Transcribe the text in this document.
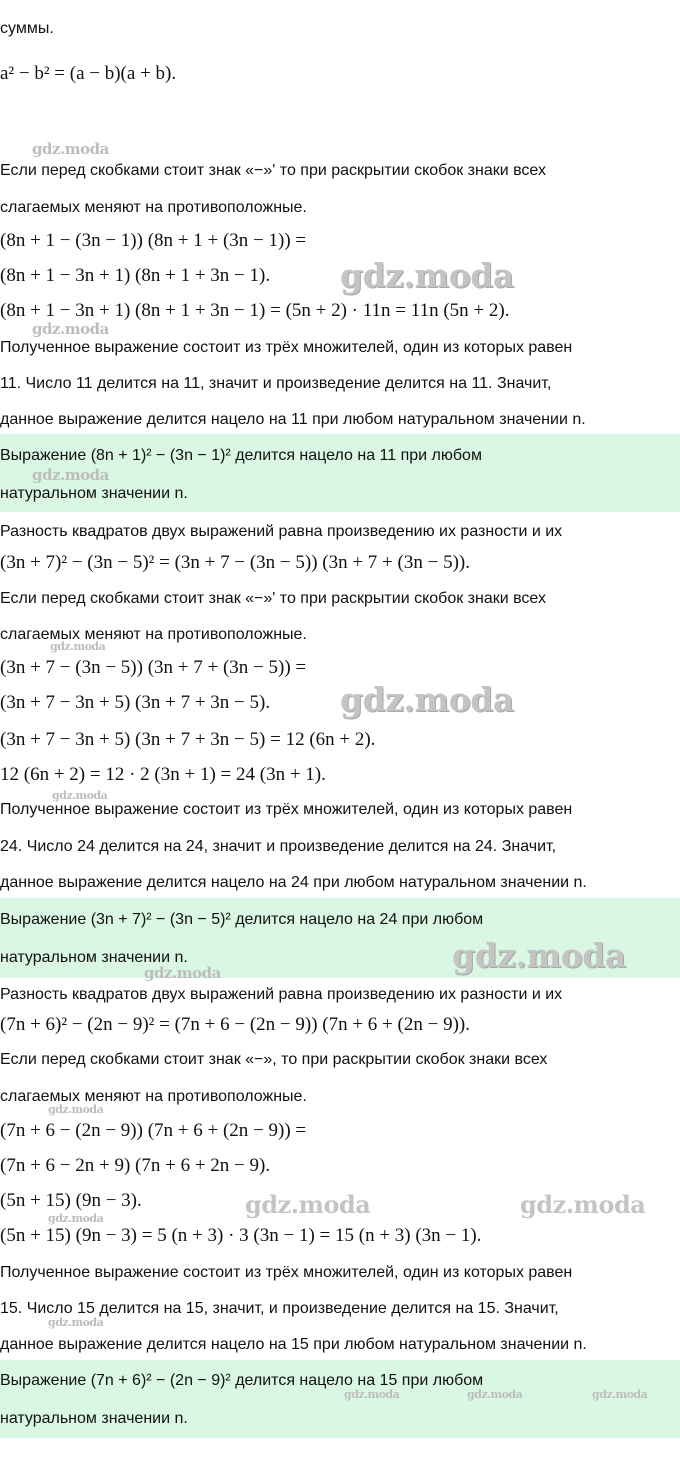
суммы.
a² − b² = (a − b)(a + b).
Если перед скобками стоит знак «−»' то при раскрытии скобок знаки всех
слагаемых меняют на противоположные.
(8n + 1 − (3n − 1)) (8n + 1 + (3n − 1)) =
(8n + 1 − 3n + 1) (8n + 1 + 3n − 1).
(8n + 1 − 3n + 1) (8n + 1 + 3n − 1) = (5n + 2) · 11n = 11n (5n + 2).
Полученное выражение состоит из трёх множителей, один из которых равен
11. Число 11 делится на 11, значит и произведение делится на 11. Значит,
данное выражение делится нацело на 11 при любом натуральном значении n.
Выражение (8n + 1)² − (3n − 1)² делится нацело на 11 при любом
натуральном значении n.
Разность квадратов двух выражений равна произведению их разности и их
(3n + 7)² − (3n − 5)² = (3n + 7 − (3n − 5)) (3n + 7 + (3n − 5)).
Если перед скобками стоит знак «−»' то при раскрытии скобок знаки всех
слагаемых меняют на противоположные.
(3n + 7 − (3n − 5)) (3n + 7 + (3n − 5)) =
(3n + 7 − 3n + 5) (3n + 7 + 3n − 5).
(3n + 7 − 3n + 5) (3n + 7 + 3n − 5) = 12 (6n + 2).
12 (6n + 2) = 12 · 2 (3n + 1) = 24 (3n + 1).
Полученное выражение состоит из трёх множителей, один из которых равен
24. Число 24 делится на 24, значит и произведение делится на 24. Значит,
данное выражение делится нацело на 24 при любом натуральном значении n.
Выражение (3n + 7)² − (3n − 5)² делится нацело на 24 при любом
натуральном значении n.
Разность квадратов двух выражений равна произведению их разности и их
(7n + 6)² − (2n − 9)² = (7n + 6 − (2n − 9)) (7n + 6 + (2n − 9)).
Если перед скобками стоит знак «−», то при раскрытии скобок знаки всех
слагаемых меняют на противоположные.
(7n + 6 − (2n − 9)) (7n + 6 + (2n − 9)) =
(7n + 6 − 2n + 9) (7n + 6 + 2n − 9).
(5n + 15) (9n − 3).
(5n + 15) (9n − 3) = 5 (n + 3) · 3 (3n − 1) = 15 (n + 3) (3n − 1).
Полученное выражение состоит из трёх множителей, один из которых равен
15. Число 15 делится на 15, значит, и произведение делится на 15. Значит,
данное выражение делится нацело на 15 при любом натуральном значении n.
Выражение (7n + 6)² − (2n − 9)² делится нацело на 15 при любом
натуральном значении n.
gdz.moda
gdz.moda
gdz.moda
gdz.moda
gdz.moda
gdz.moda
gdz.moda
gdz.moda
gdz.moda
gdz.moda
gdz.moda	gdz.moda
gdz.moda
gdz.moda
gdz.moda	gdz.moda	gdz.moda
